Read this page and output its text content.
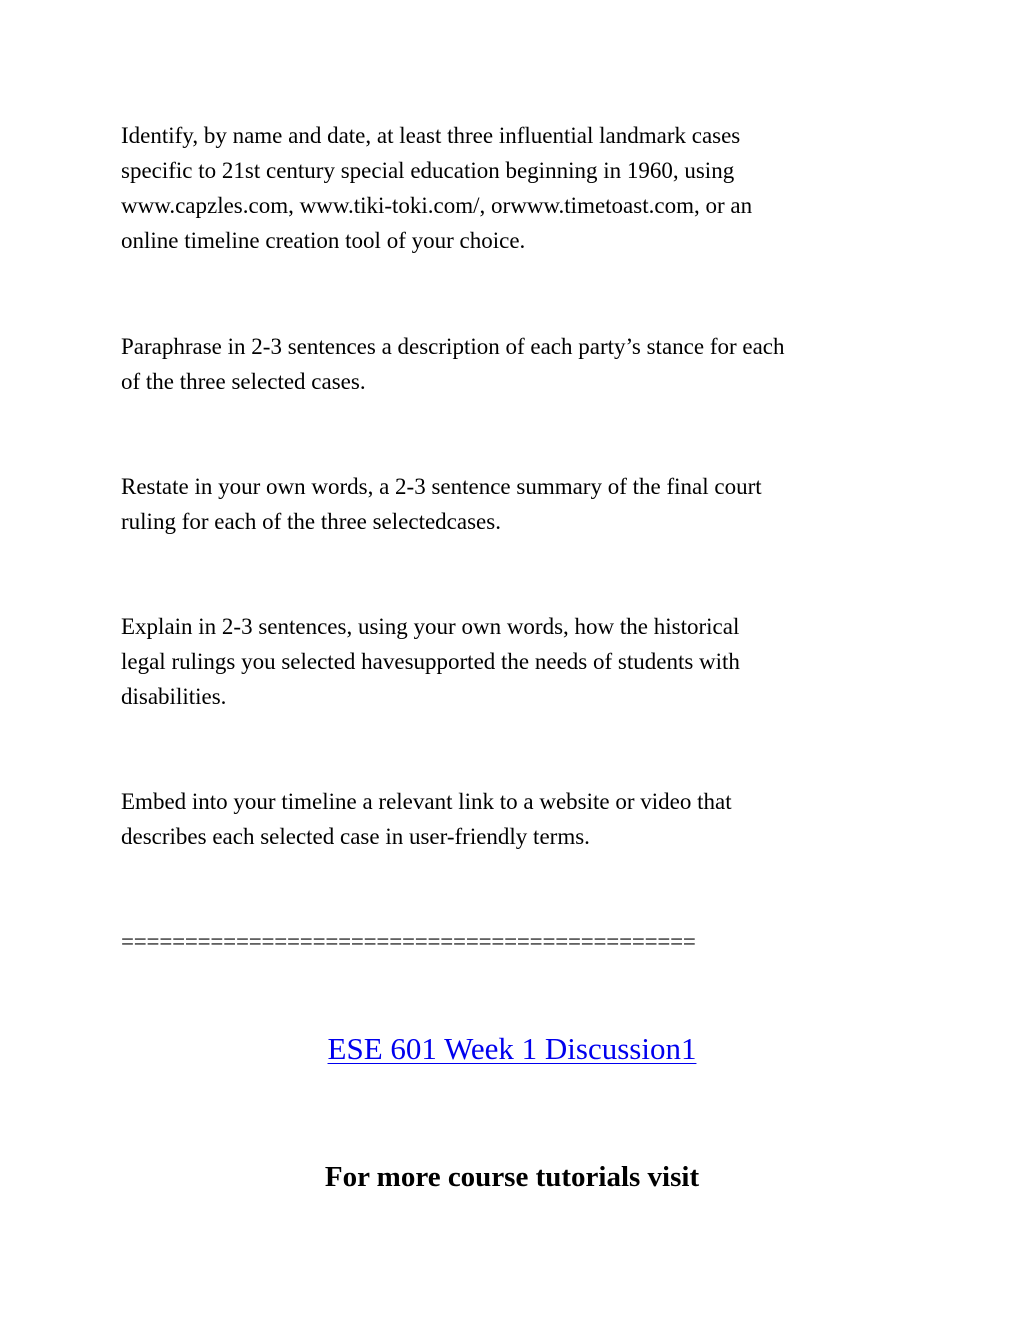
Identify, by name and date, at least three influential landmark cases
specific to 21st century special education beginning in 1960, using
www.capzles.com, www.tiki-toki.com/, orwww.timetoast.com, or an
online timeline creation tool of your choice.

Paraphrase in 2-3 sentences a description of each party’s stance for each
of the three selected cases.

Restate in your own words, a 2-3 sentence summary of the final court
ruling for each of the three selectedcases.

Explain in 2-3 sentences, using your own words, how the historical
legal rulings you selected havesupported the needs of students with
disabilities.

Embed into your timeline a relevant link to a website or video that
describes each selected case in user-friendly terms.

=============================================

ESE 601 Week 1 Discussion1

For more course tutorials visit
